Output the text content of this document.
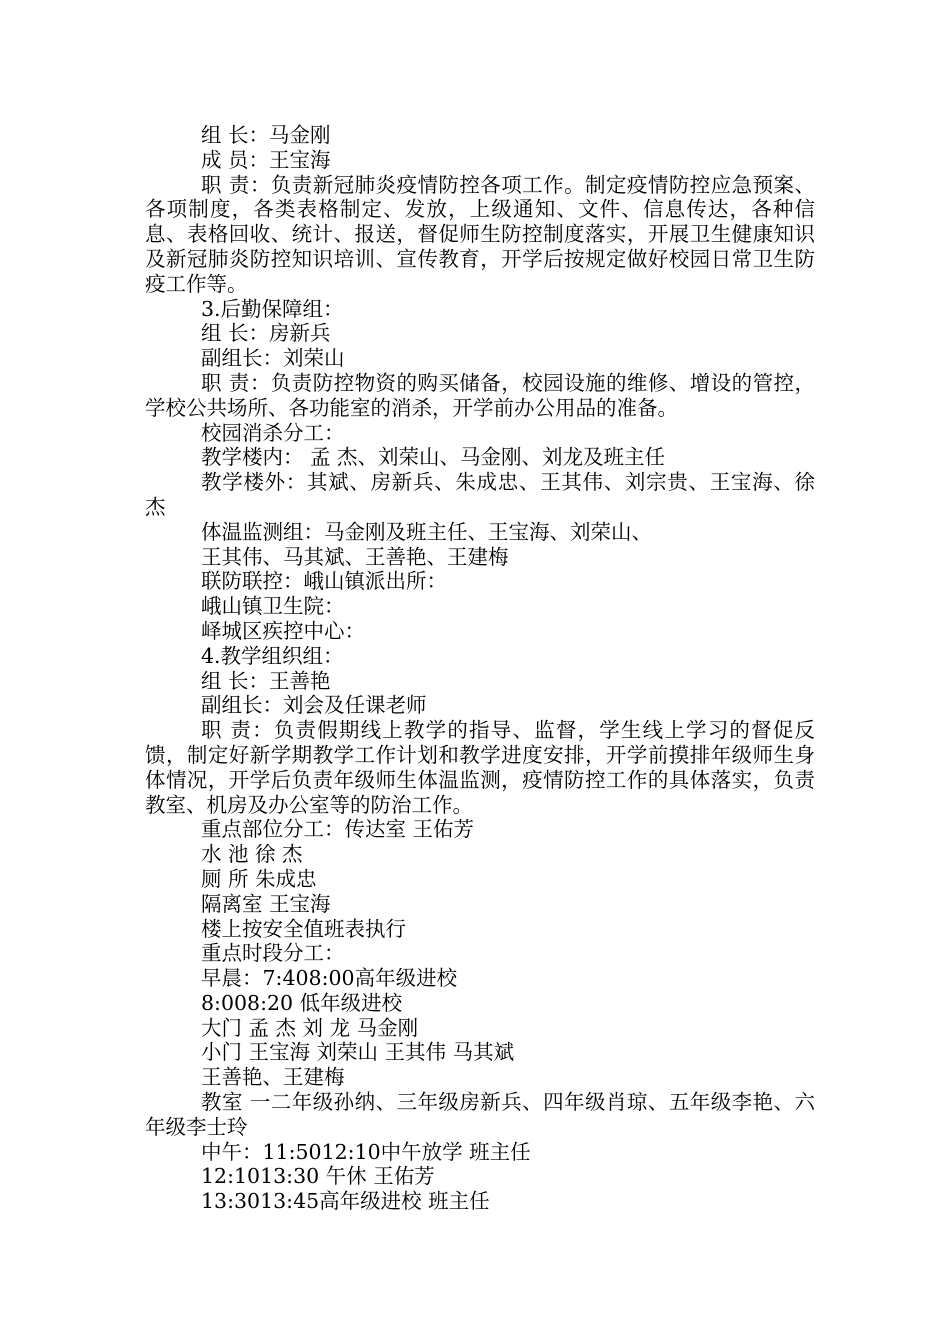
组 长：马金刚

成 员：王宝海

职 责：负责新冠肺炎疫情防控各项工作。制定疫情防控应急预案、各项制度，各类表格制定、发放，上级通知、文件、信息传达，各种信息、表格回收、统计、报送，督促师生防控制度落实，开展卫生健康知识及新冠肺炎防控知识培训、宣传教育，开学后按规定做好校园日常卫生防疫工作等。

3.后勤保障组：

组 长：房新兵

副组长：刘荣山

职 责：负责防控物资的购买储备，校园设施的维修、增设的管控，学校公共场所、各功能室的消杀，开学前办公用品的准备。

校园消杀分工：

教学楼内： 孟 杰、刘荣山、马金刚、刘龙及班主任

教学楼外：其斌、房新兵、朱成忠、王其伟、刘宗贵、王宝海、徐杰

体温监测组：马金刚及班主任、王宝海、刘荣山、

王其伟、马其斌、王善艳、王建梅

联防联控：峨山镇派出所：

峨山镇卫生院：

峄城区疾控中心：

4.教学组织组：

组 长：王善艳

副组长：刘会及任课老师

职 责：负责假期线上教学的指导、监督，学生线上学习的督促反馈，制定好新学期教学工作计划和教学进度安排，开学前摸排年级师生身体情况，开学后负责年级师生体温监测，疫情防控工作的具体落实，负责教室、机房及办公室等的防治工作。

重点部位分工：传达室 王佑芳

水 池 徐 杰

厕 所 朱成忠

隔离室 王宝海

楼上按安全值班表执行

重点时段分工：

早晨：7:408:00高年级进校

8:008:20 低年级进校

大门 孟 杰 刘 龙 马金刚

小门 王宝海 刘荣山 王其伟 马其斌

王善艳、王建梅

教室 一二年级孙纳、三年级房新兵、四年级肖琼、五年级李艳、六年级李士玲

中午：11:5012:10中午放学 班主任

12:1013:30 午休 王佑芳

13:3013:45高年级进校 班主任
